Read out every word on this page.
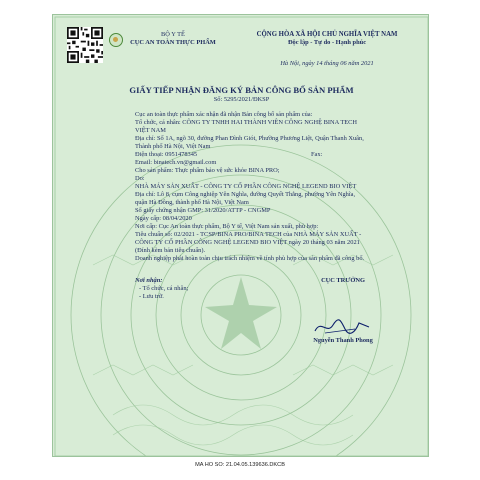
BỘ Y TẾ
CỤC AN TOÀN THỰC PHẨM
CỘNG HÒA XÃ HỘI CHỦ NGHĨA VIỆT NAM
Độc lập - Tự do - Hạnh phúc
Hà Nội, ngày 14 tháng 06 năm 2021
GIẤY TIẾP NHẬN ĐĂNG KÝ BẢN CÔNG BỐ SẢN PHẨM
Số: 5295/2021/ĐKSP
Cục an toàn thực phẩm xác nhận đã nhận Bản công bố sản phẩm của:
Tổ chức, cá nhân: CÔNG TY TNHH HAI THÀNH VIÊN CÔNG NGHỆ BINA TECH
VIỆT NAM
Địa chỉ: Số 1A, ngõ 30, đường Phan Đình Giót, Phường Phương Liệt, Quận Thanh Xuân,
Thành phố Hà Nội, Việt Nam
Điện thoại: 0951478345	Fax:
Email: binatech.vn@gmail.com
Cho sản phẩm: Thực phẩm bảo vệ sức khỏe BINA PRO;
Do:
NHÀ MÁY SẢN XUẤT - CÔNG TY CỔ PHẦN CÔNG NGHỆ LEGEND BIO VIỆT
Địa chỉ: Lô 8, cụm Công nghiệp Yên Nghĩa, đường Quyết Thắng, phường Yên Nghĩa,
quận Hà Đông, thành phố Hà Nội, Việt Nam
Số giấy chứng nhận GMP: 31/2020/ATTP - CNGMP
Ngày cấp: 08/04/2020
Nơi cấp: Cục An toàn thực phẩm, Bộ Y tế, Việt Nam sản xuất, phù hợp:
Tiêu chuẩn số: 02/2021 - TCSP/BINA PRO/BINA TECH của NHÀ MÁY SẢN XUẤT -
CÔNG TY CỔ PHẦN CÔNG NGHỆ LEGEND BIO VIỆT ngày 20 tháng 03 năm 2021
(Đính kèm bản tiêu chuẩn).
Doanh nghiệp phải hoàn toàn chịu trách nhiệm về tính phù hợp của sản phẩm đã công bố.
Nơi nhận:
- Tổ chức, cá nhân;
- Lưu trữ.
CỤC TRƯỞNG
Nguyễn Thanh Phong
MA HO SO: 21.04.05.139636.DKCB
